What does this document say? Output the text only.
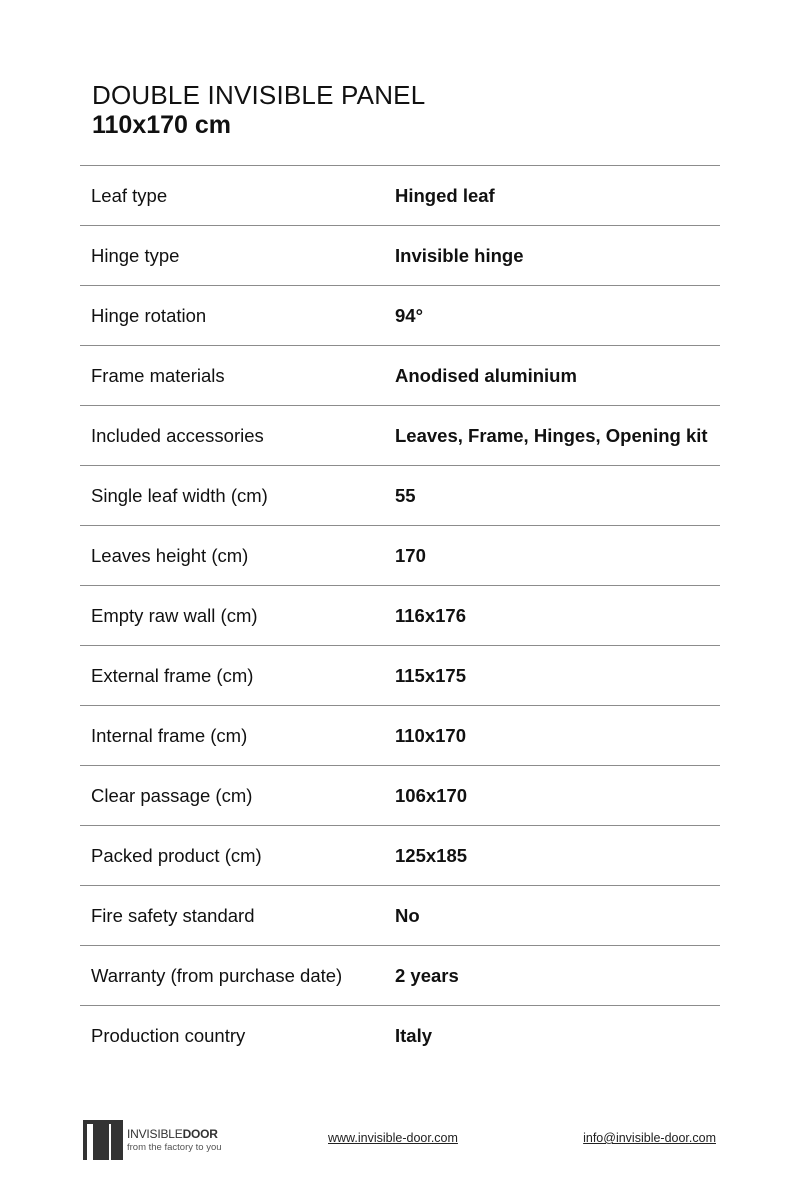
DOUBLE INVISIBLE PANEL
110x170 cm
Leaf type	Hinged leaf
Hinge type	Invisible hinge
Hinge rotation	94°
Frame materials	Anodised aluminium
Included accessories	Leaves, Frame, Hinges, Opening kit
Single leaf width (cm)	55
Leaves height (cm)	170
Empty raw wall (cm)	116x176
External frame (cm)	115x175
Internal frame (cm)	110x170
Clear passage (cm)	106x170
Packed product (cm)	125x185
Fire safety standard	No
Warranty (from purchase date)	2 years
Production country	Italy
INVISIBLEDOOR
from the factory to you
www.invisible-door.com	info@invisible-door.com
